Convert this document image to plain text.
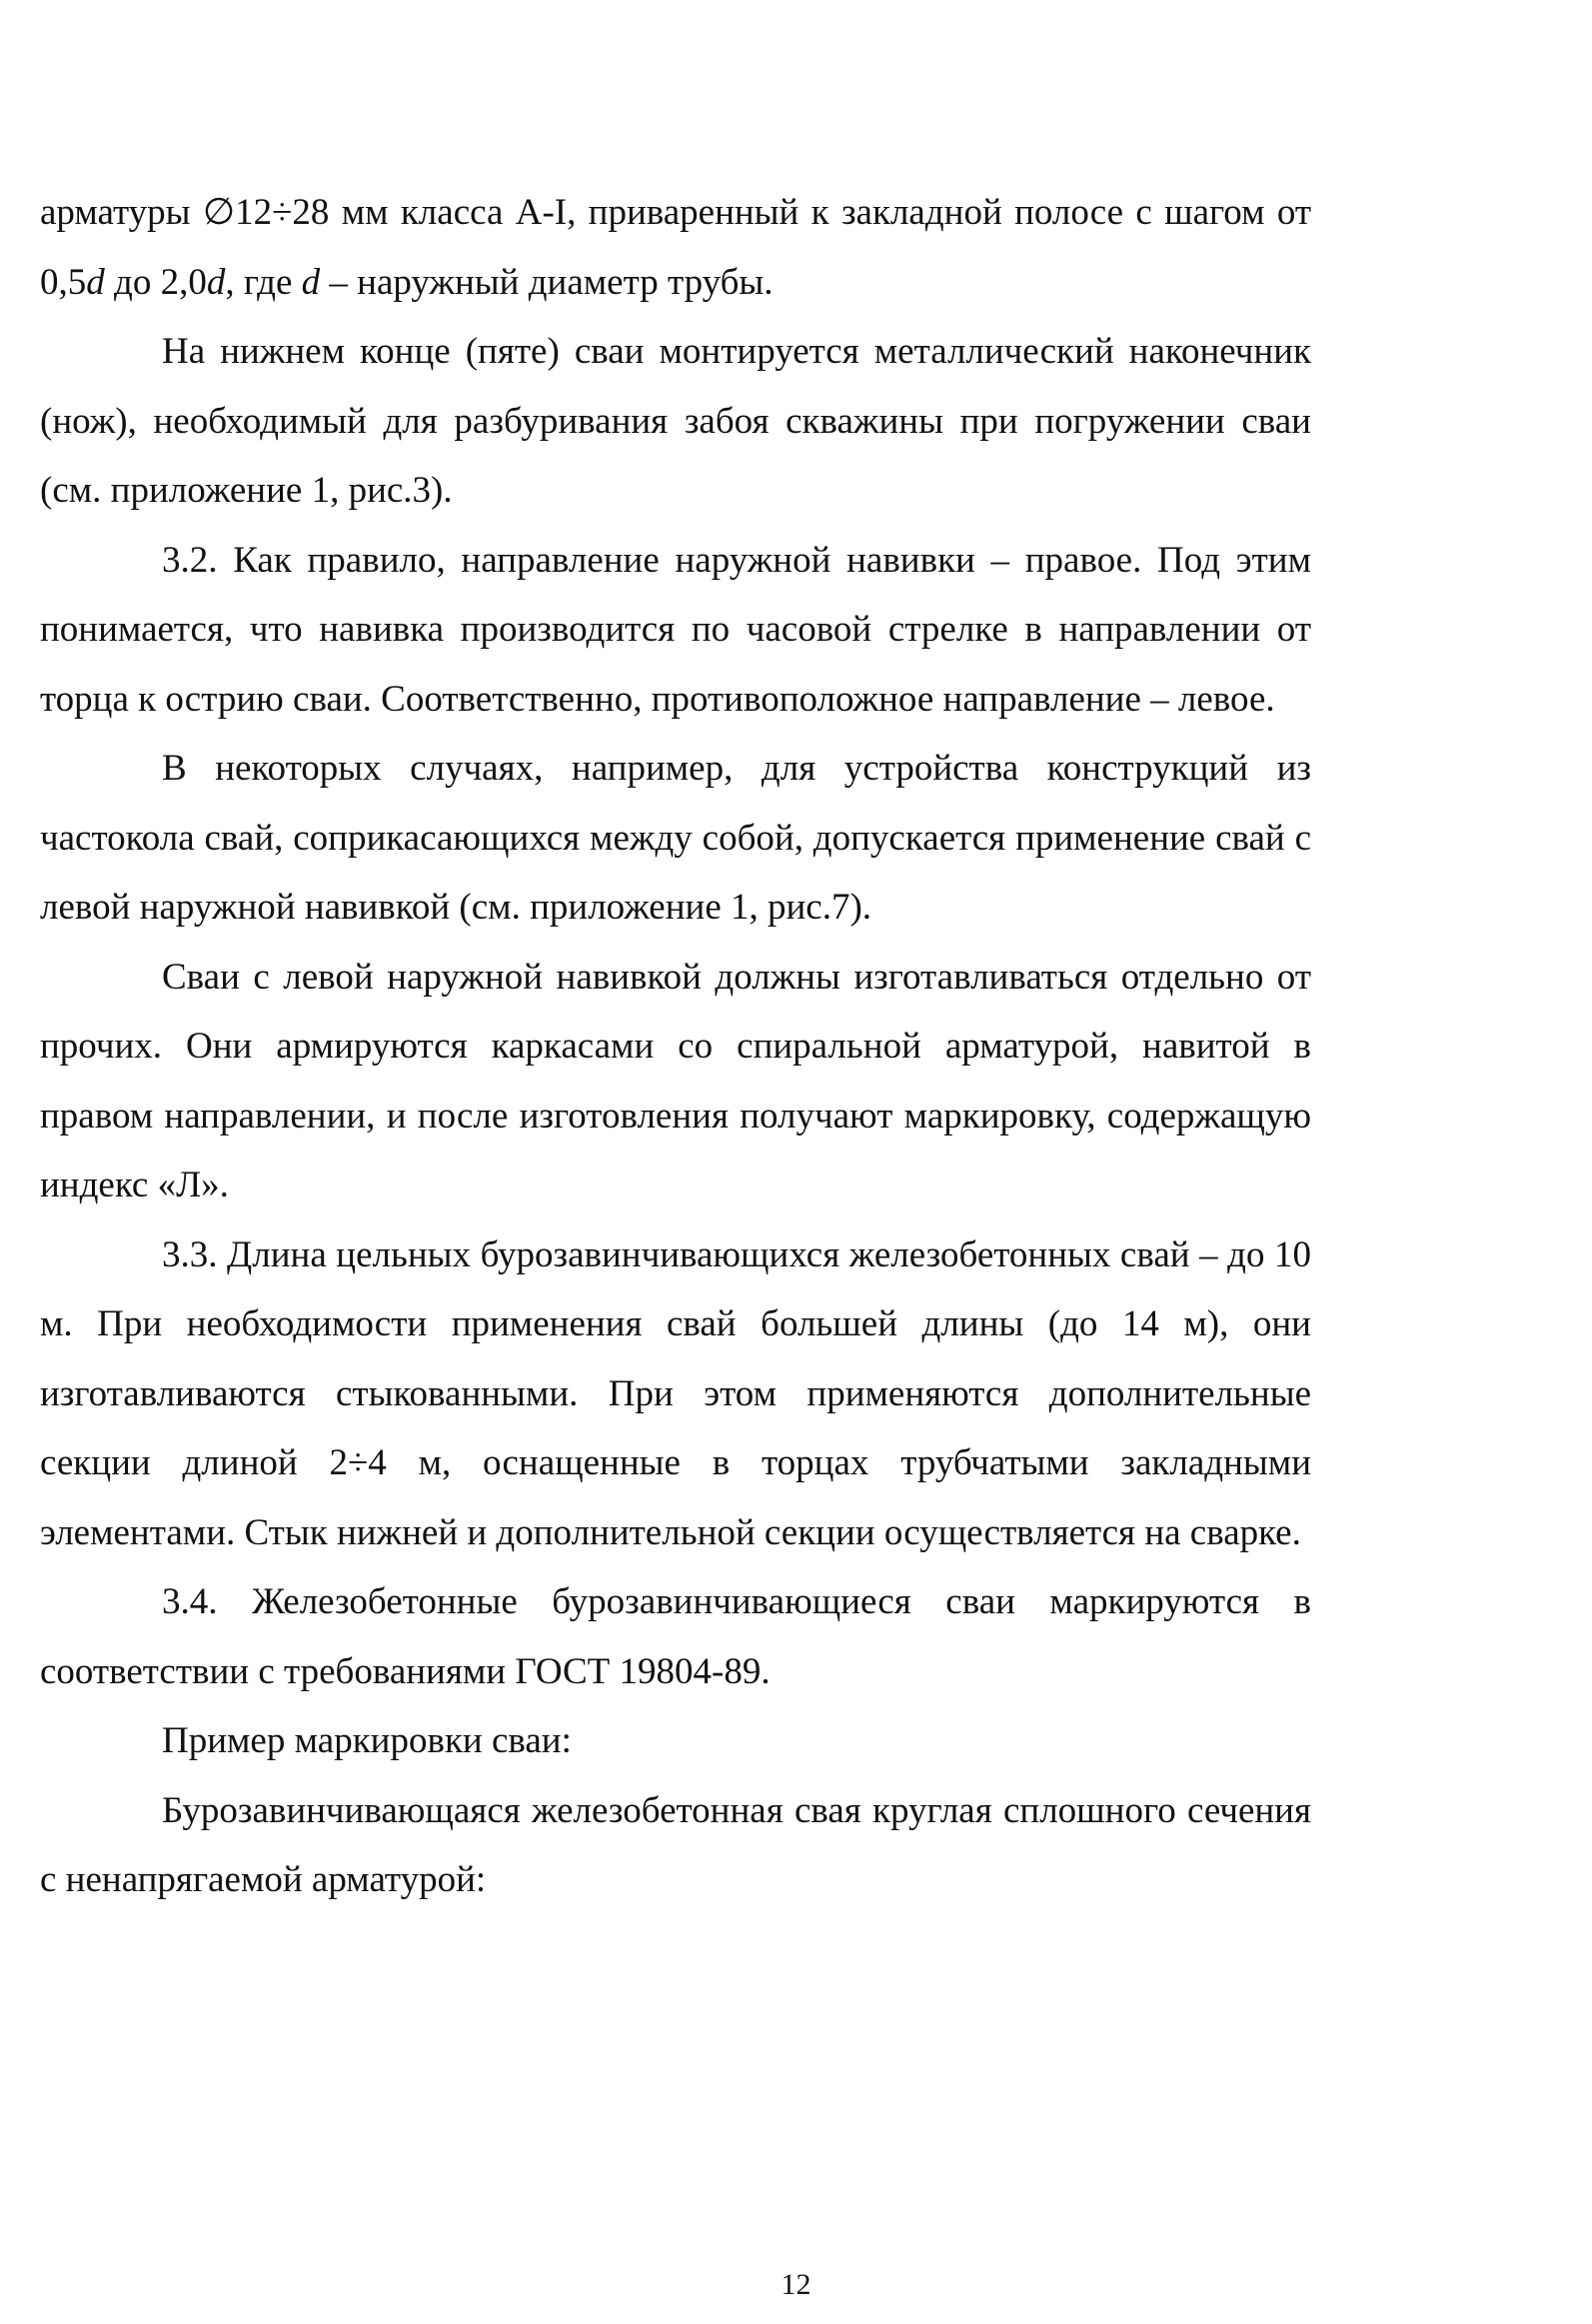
арматуры ∅12÷28 мм класса А-I, приваренный к закладной полосе с шагом от 0,5d до 2,0d, где d – наружный диаметр трубы.

На нижнем конце (пяте) сваи монтируется металлический наконечник (нож), необходимый для разбуривания забоя скважины при погружении сваи (см. приложение 1, рис.3).

3.2. Как правило, направление наружной навивки – правое. Под этим понимается, что навивка производится по часовой стрелке в направлении от торца к острию сваи. Соответственно, противоположное направление – левое.

В некоторых случаях, например, для устройства конструкций из частокола свай, соприкасающихся между собой, допускается применение свай с левой наружной навивкой (см. приложение 1, рис.7).

Сваи с левой наружной навивкой должны изготавливаться отдельно от прочих. Они армируются каркасами со спиральной арматурой, навитой в правом направлении, и после изготовления получают маркировку, содержащую индекс «Л».

3.3. Длина цельных бурозавинчивающихся железобетонных свай – до 10 м. При необходимости применения свай большей длины (до 14 м), они изготавливаются стыкованными. При этом применяются дополнительные секции длиной 2÷4 м, оснащенные в торцах трубчатыми закладными элементами. Стык нижней и дополнительной секции осуществляется на сварке.

3.4. Железобетонные бурозавинчивающиеся сваи маркируются в соответствии с требованиями ГОСТ 19804-89.

Пример маркировки сваи:

Бурозавинчивающаяся железобетонная свая круглая сплошного сечения с ненапрягаемой арматурой:

12
